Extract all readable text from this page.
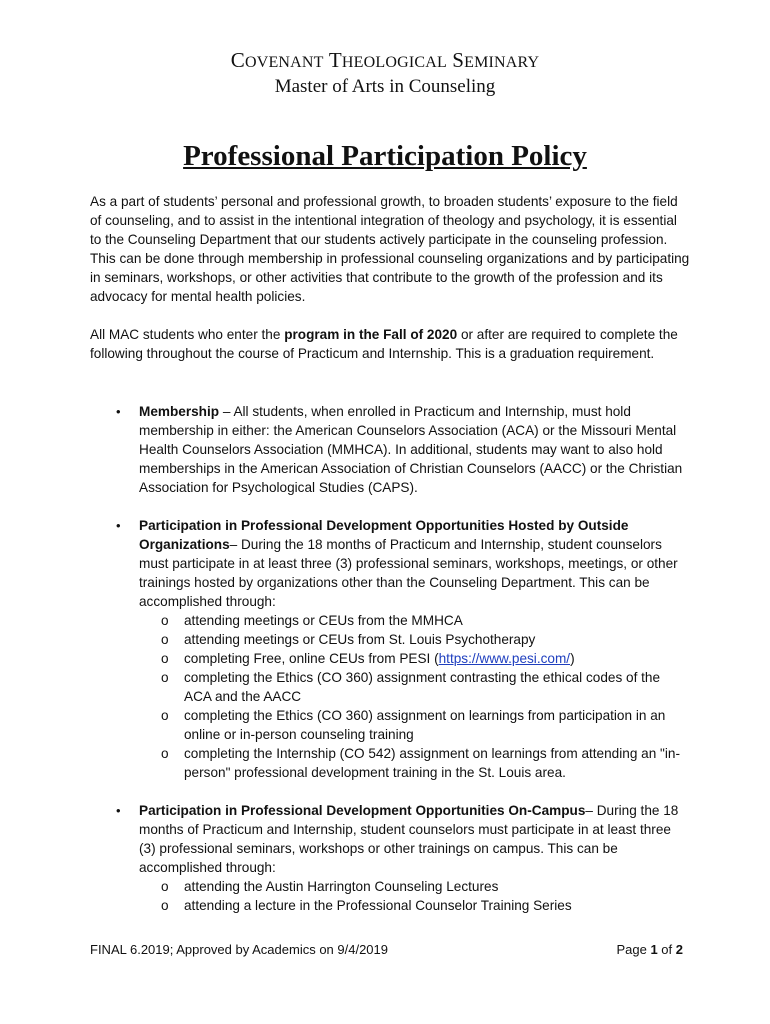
COVENANT THEOLOGICAL SEMINARY
Master of Arts in Counseling
Professional Participation Policy
As a part of students’ personal and professional growth, to broaden students’ exposure to the field of counseling, and to assist in the intentional integration of theology and psychology, it is essential to the Counseling Department that our students actively participate in the counseling profession. This can be done through membership in professional counseling organizations and by participating in seminars, workshops, or other activities that contribute to the growth of the profession and its advocacy for mental health policies.
All MAC students who enter the program in the Fall of 2020 or after are required to complete the following throughout the course of Practicum and Internship. This is a graduation requirement.
• Membership – All students, when enrolled in Practicum and Internship, must hold membership in either: the American Counselors Association (ACA) or the Missouri Mental Health Counselors Association (MMHCA). In additional, students may want to also hold memberships in the American Association of Christian Counselors (AACC) or the Christian Association for Psychological Studies (CAPS).
• Participation in Professional Development Opportunities Hosted by Outside Organizations– During the 18 months of Practicum and Internship, student counselors must participate in at least three (3) professional seminars, workshops, meetings, or other trainings hosted by organizations other than the Counseling Department. This can be accomplished through:
o attending meetings or CEUs from the MMHCA
o attending meetings or CEUs from St. Louis Psychotherapy
o completing Free, online CEUs from PESI (https://www.pesi.com/)
o completing the Ethics (CO 360) assignment contrasting the ethical codes of the ACA and the AACC
o completing the Ethics (CO 360) assignment on learnings from participation in an online or in-person counseling training
o completing the Internship (CO 542) assignment on learnings from attending an "in-person" professional development training in the St. Louis area.
• Participation in Professional Development Opportunities On-Campus– During the 18 months of Practicum and Internship, student counselors must participate in at least three (3) professional seminars, workshops or other trainings on campus. This can be accomplished through:
o attending the Austin Harrington Counseling Lectures
o attending a lecture in the Professional Counselor Training Series
FINAL 6.2019; Approved by Academics on 9/4/2019	Page 1 of 2
